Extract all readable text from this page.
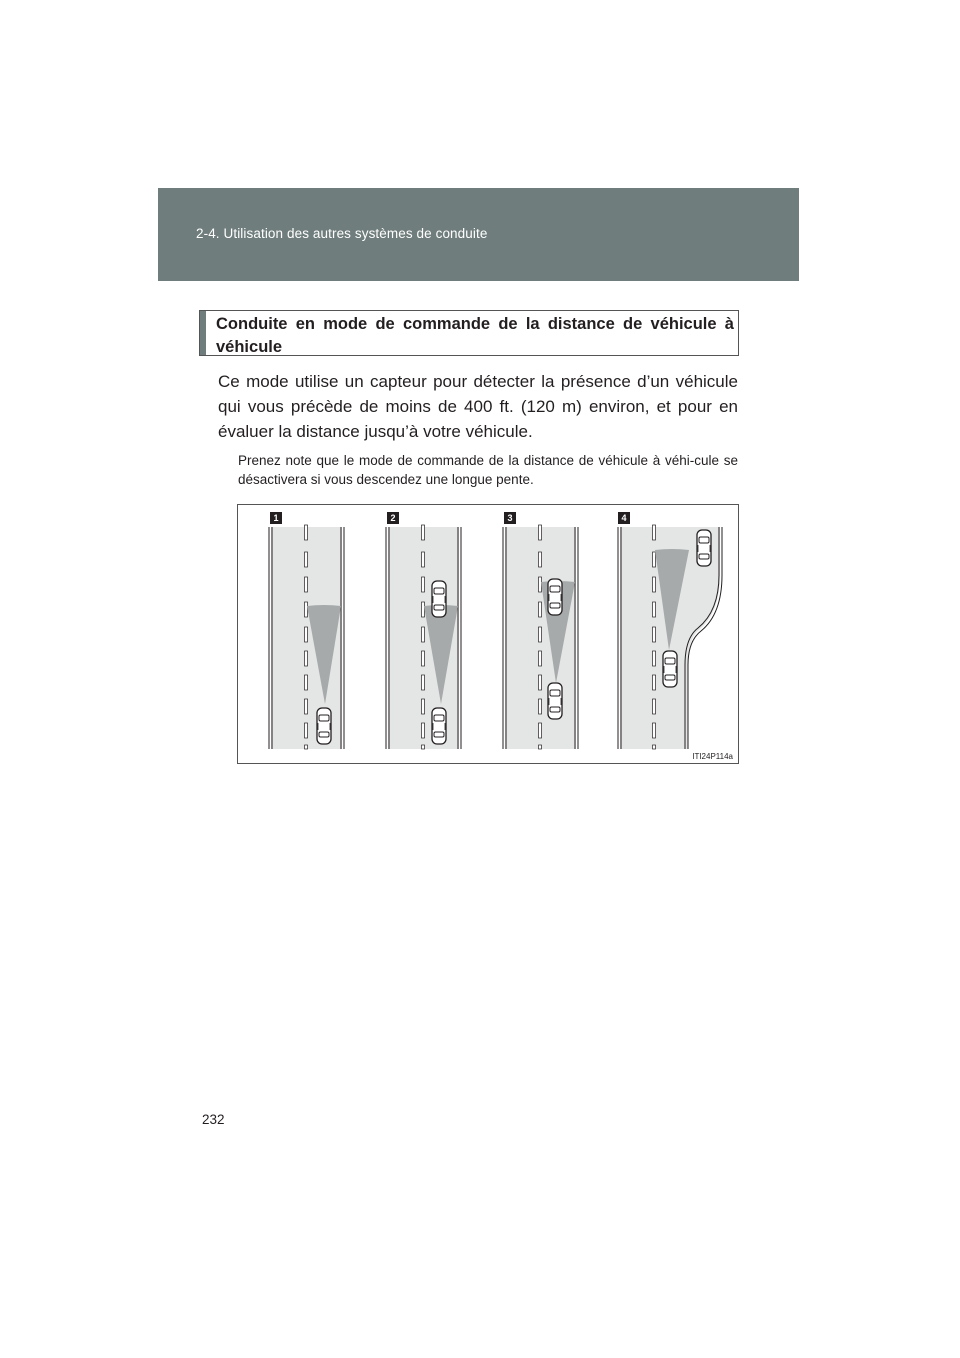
2-4. Utilisation des autres systèmes de conduite
Conduite en mode de commande de la distance de véhicule à véhicule
Ce mode utilise un capteur pour détecter la présence d’un véhicule qui vous précède de moins de 400 ft. (120 m) environ, et pour en évaluer la distance jusqu’à votre véhicule.
Prenez note que le mode de commande de la distance de véhicule à véhi-cule se désactivera si vous descendez une longue pente.
1	2	3	4
ITI24P114a
232
